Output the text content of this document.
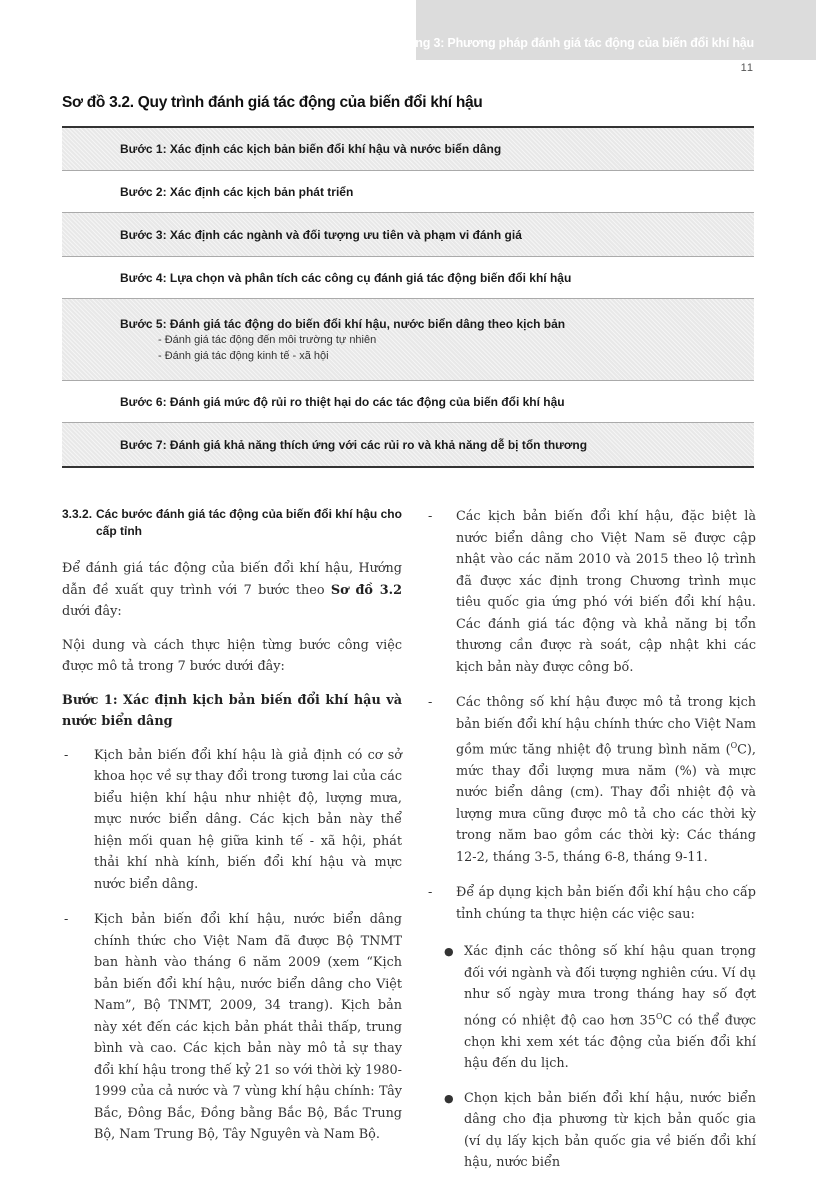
Chương 3: Phương pháp đánh giá tác động của biến đổi khí hậu
11
Sơ đồ 3.2. Quy trình đánh giá tác động của biến đổi khí hậu
Bước 1: Xác định các kịch bản biến đổi khí hậu và nước biển dâng
Bước 2: Xác định các kịch bản phát triển
Bước 3: Xác định các ngành và đối tượng ưu tiên và phạm vi đánh giá
Bước 4: Lựa chọn và phân tích các công cụ đánh giá tác động biến đổi khí hậu
Bước 5: Đánh giá tác động do biến đổi khí hậu, nước biển dâng theo kịch bản
- Đánh giá tác động đến môi trường tự nhiên
- Đánh giá tác động kinh tế - xã hội
Bước 6: Đánh giá mức độ rủi ro thiệt hại do các tác động của biến đổi khí hậu
Bước 7: Đánh giá khả năng thích ứng với các rủi ro và khả năng dễ bị tổn thương
3.3.2. Các bước đánh giá tác động của biến đổi khí hậu cho cấp tỉnh

Để đánh giá tác động của biến đổi khí hậu, Hướng dẫn đề xuất quy trình với 7 bước theo Sơ đồ 3.2 dưới đây:

Nội dung và cách thực hiện từng bước công việc được mô tả trong 7 bước dưới đây:

Bước 1: Xác định kịch bản biến đổi khí hậu và nước biển dâng

-	Kịch bản biến đổi khí hậu là giả định có cơ sở khoa học về sự thay đổi trong tương lai của các biểu hiện khí hậu như nhiệt độ, lượng mưa, mực nước biển dâng. Các kịch bản này thể hiện mối quan hệ giữa kinh tế - xã hội, phát thải khí nhà kính, biến đổi khí hậu và mực nước biển dâng.
-	Kịch bản biến đổi khí hậu, nước biển dâng chính thức cho Việt Nam đã được Bộ TNMT ban hành vào tháng 6 năm 2009 (xem “Kịch bản biến đổi khí hậu, nước biển dâng cho Việt Nam”, Bộ TNMT, 2009, 34 trang). Kịch bản này xét đến các kịch bản phát thải thấp, trung bình và cao. Các kịch bản này mô tả sự thay đổi khí hậu trong thế kỷ 21 so với thời kỳ 1980-1999 của cả nước và 7 vùng khí hậu chính: Tây Bắc, Đông Bắc, Đồng bằng Bắc Bộ, Bắc Trung Bộ, Nam Trung Bộ, Tây Nguyên và Nam Bộ.
-	Các kịch bản biến đổi khí hậu, đặc biệt là nước biển dâng cho Việt Nam sẽ được cập nhật vào các năm 2010 và 2015 theo lộ trình đã được xác định trong Chương trình mục tiêu quốc gia ứng phó với biến đổi khí hậu. Các đánh giá tác động và khả năng bị tổn thương cần được rà soát, cập nhật khi các kịch bản này được công bố.
-	Các thông số khí hậu được mô tả trong kịch bản biến đổi khí hậu chính thức cho Việt Nam gồm mức tăng nhiệt độ trung bình năm ($^O$C), mức thay đổi lượng mưa năm (%) và mực nước biển dâng (cm). Thay đổi nhiệt độ và lượng mưa cũng được mô tả cho các thời kỳ trong năm bao gồm các thời kỳ: Các tháng 12-2, tháng 3-5, tháng 6-8, tháng 9-11.
-	Để áp dụng kịch bản biến đổi khí hậu cho cấp tỉnh chúng ta thực hiện các việc sau:
● Xác định các thông số khí hậu quan trọng đối với ngành và đối tượng nghiên cứu. Ví dụ như số ngày mưa trong tháng hay số đợt nóng có nhiệt độ cao hơn $35^OC$ có thể được chọn khi xem xét tác động của biến đổi khí hậu đến du lịch.
● Chọn kịch bản biến đổi khí hậu, nước biển dâng cho địa phương từ kịch bản quốc gia (ví dụ lấy kịch bản quốc gia về biến đổi khí hậu, nước biển
